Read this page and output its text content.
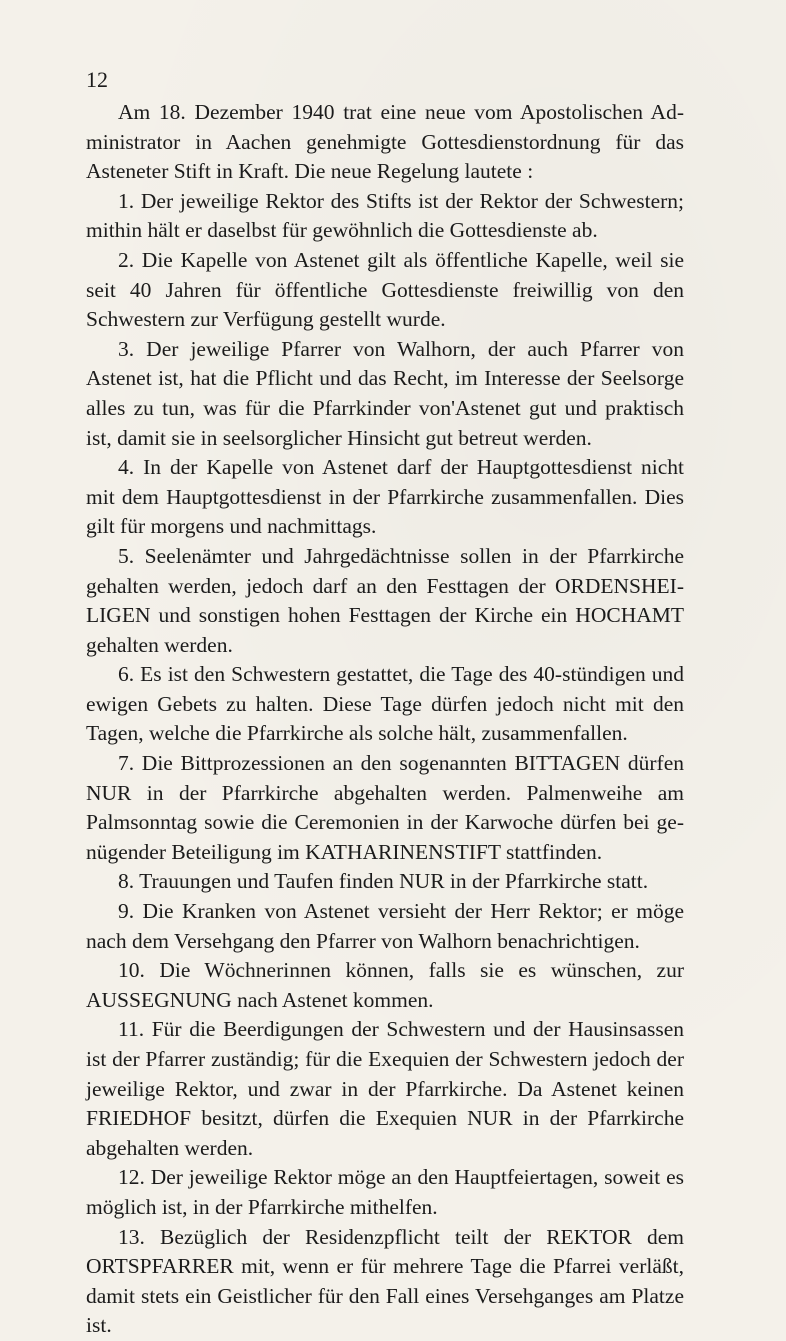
12

Am 18. Dezember 1940 trat eine neue vom Apostolischen Administrator in Aachen genehmigte Gottesdienstordnung für das Asteneter Stift in Kraft. Die neue Regelung lautete :

1. Der jeweilige Rektor des Stifts ist der Rektor der Schwestern; mithin hält er daselbst für gewöhnlich die Gottesdienste ab.

2. Die Kapelle von Astenet gilt als öffentliche Kapelle, weil sie seit 40 Jahren für öffentliche Gottesdienste freiwillig von den Schwestern zur Verfügung gestellt wurde.

3. Der jeweilige Pfarrer von Walhorn, der auch Pfarrer von Astenet ist, hat die Pflicht und das Recht, im Interesse der Seelsorge alles zu tun, was für die Pfarrkinder von'Astenet gut und praktisch ist, damit sie in seelsorglicher Hinsicht gut betreut werden.

4. In der Kapelle von Astenet darf der Hauptgottesdienst nicht mit dem Hauptgottesdienst in der Pfarrkirche zusammenfallen. Dies gilt für morgens und nachmittags.

5. Seelenämter und Jahrgedächtnisse sollen in der Pfarrkirche gehalten werden, jedoch darf an den Festtagen der ORDENSHEILIGEN und sonstigen hohen Festtagen der Kirche ein HOCHAMT gehalten werden.

6. Es ist den Schwestern gestattet, die Tage des 40-stündigen und ewigen Gebets zu halten. Diese Tage dürfen jedoch nicht mit den Tagen, welche die Pfarrkirche als solche hält, zusammenfallen.

7. Die Bittprozessionen an den sogenannten BITTAGEN dürfen NUR in der Pfarrkirche abgehalten werden. Palmenweihe am Palmsonntag sowie die Ceremonien in der Karwoche dürfen bei genügender Beteiligung im KATHARINENSTIFT stattfinden.

8. Trauungen und Taufen finden NUR in der Pfarrkirche statt.

9. Die Kranken von Astenet versieht der Herr Rektor; er möge nach dem Versehgang den Pfarrer von Walhorn benachrichtigen.

10. Die Wöchnerinnen können, falls sie es wünschen, zur AUSSEGNUNG nach Astenet kommen.

11. Für die Beerdigungen der Schwestern und der Hausinsassen ist der Pfarrer zuständig; für die Exequien der Schwestern jedoch der jeweilige Rektor, und zwar in der Pfarrkirche. Da Astenet keinen FRIEDHOF besitzt, dürfen die Exequien NUR in der Pfarrkirche abgehalten werden.

12. Der jeweilige Rektor möge an den Hauptfeiertagen, soweit es möglich ist, in der Pfarrkirche mithelfen.

13. Bezüglich der Residenzpflicht teilt der REKTOR dem ORTSPFARRER mit, wenn er für mehrere Tage die Pfarrei verläßt, damit stets ein Geistlicher für den Fall eines Versehganges am Platze ist.
